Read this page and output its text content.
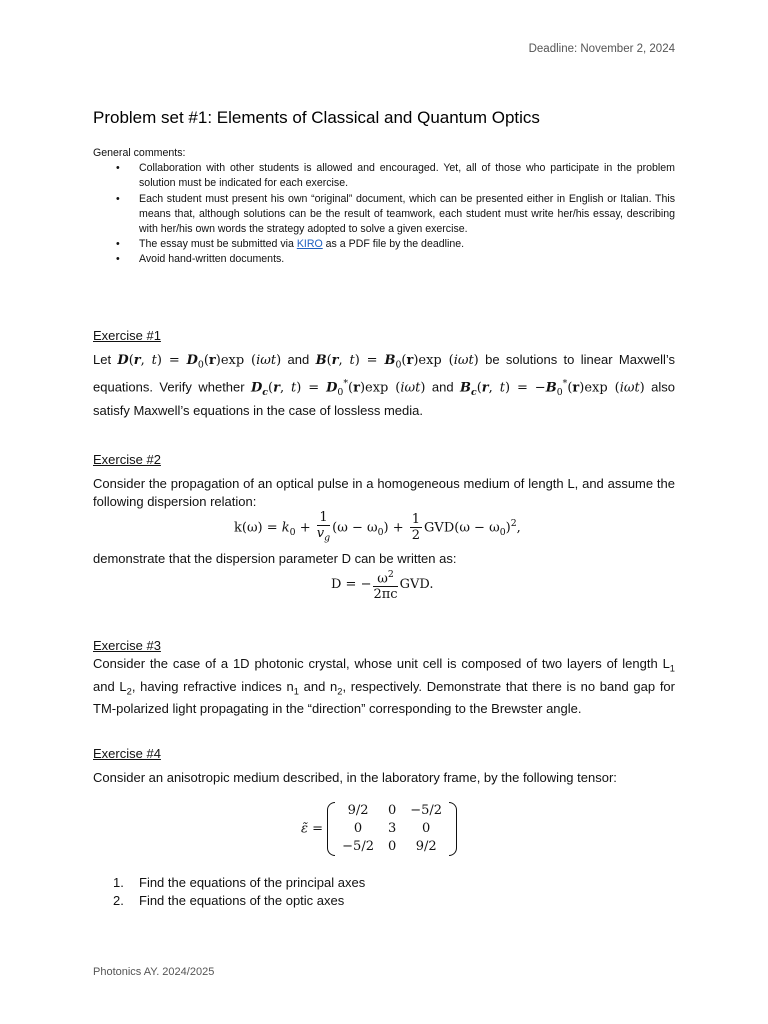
Deadline: November 2, 2024
Problem set #1: Elements of Classical and Quantum Optics
General comments:
• Collaboration with other students is allowed and encouraged. Yet, all of those who participate in the problem solution must be indicated for each exercise.
• Each student must present his own “original” document, which can be presented either in English or Italian. This means that, although solutions can be the result of teamwork, each student must write her/his essay, describing with her/his own words the strategy adopted to solve a given exercise.
• The essay must be submitted via KIRO as a PDF file by the deadline.
• Avoid hand-written documents.
Exercise #1
Let D(r, $t) = D_0(r)\exp$ (iωt) and B(r, $t) = B_0(r)\exp$ (iωt) be solutions to linear Maxwell’s equations. Verify whether $D_c(r$, $t) = D_0^*(r)\exp$ (iωt) and $B_c(r$, $t) = -B_0^*(r)\exp$ (iωt) also satisfy Maxwell’s equations in the case of lossless media.
Exercise #2
Consider the propagation of an optical pulse in a homogeneous medium of length L, and assume the following dispersion relation:
$k(\omega) = k_0 + \frac{1}{v_g} (\omega - \omega_0) + \frac{1}{2} GVD(\omega - \omega_0)^2$,
demonstrate that the dispersion parameter D can be written as:
D = − $\frac{\omega^2}{2\pi c}$ GVD.
Exercise #3
Consider the case of a 1D photonic crystal, whose unit cell is composed of two layers of length $L_1$ and $L_2$, having refractive indices $n_1$ and $n_2$, respectively. Demonstrate that there is no band gap for TM-polarized light propagating in the “direction” corresponding to the Brewster angle.
Exercise #4
Consider an anisotropic medium described, in the laboratory frame, by the following tensor:
ε̃ =
9/2	0	−5/2
0	3	0
−5/2	0	9/2
1. Find the equations of the principal axes
2. Find the equations of the optic axes
Photonics AY. 2024/2025
